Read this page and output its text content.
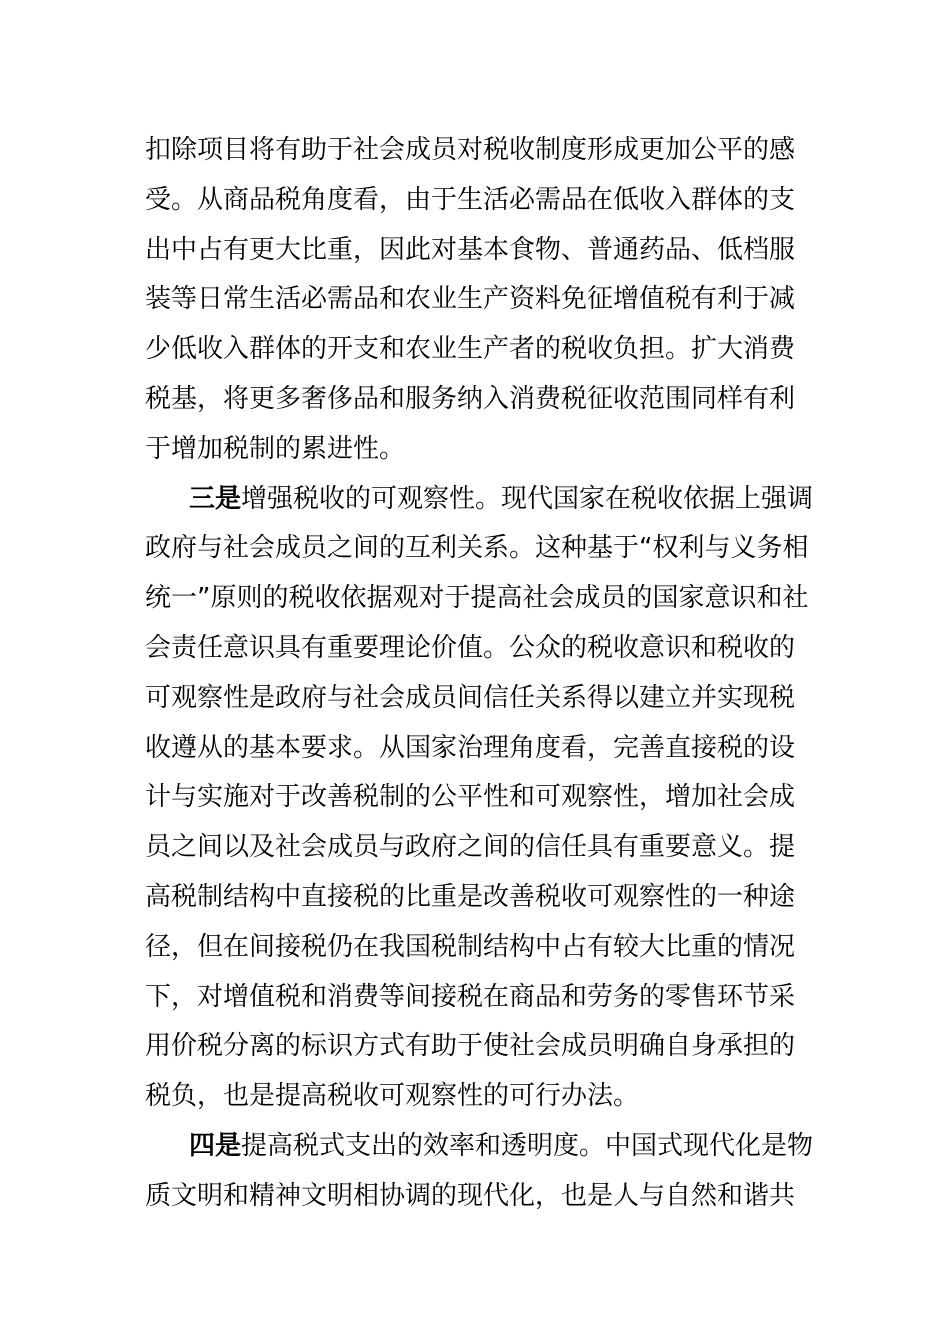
扣除项目将有助于社会成员对税收制度形成更加公平的感
受。从商品税角度看，由于生活必需品在低收入群体的支
出中占有更大比重，因此对基本食物、普通药品、低档服
装等日常生活必需品和农业生产资料免征增值税有利于减
少低收入群体的开支和农业生产者的税收负担。扩大消费
税基，将更多奢侈品和服务纳入消费税征收范围同样有利
于增加税制的累进性。
三是增强税收的可观察性。现代国家在税收依据上强调
政府与社会成员之间的互利关系。这种基于“权利与义务相
统一”原则的税收依据观对于提高社会成员的国家意识和社
会责任意识具有重要理论价值。公众的税收意识和税收的
可观察性是政府与社会成员间信任关系得以建立并实现税
收遵从的基本要求。从国家治理角度看，完善直接税的设
计与实施对于改善税制的公平性和可观察性，增加社会成
员之间以及社会成员与政府之间的信任具有重要意义。提
高税制结构中直接税的比重是改善税收可观察性的一种途
径，但在间接税仍在我国税制结构中占有较大比重的情况
下，对增值税和消费等间接税在商品和劳务的零售环节采
用价税分离的标识方式有助于使社会成员明确自身承担的
税负，也是提高税收可观察性的可行办法。
四是提高税式支出的效率和透明度。中国式现代化是物
质文明和精神文明相协调的现代化，也是人与自然和谐共
